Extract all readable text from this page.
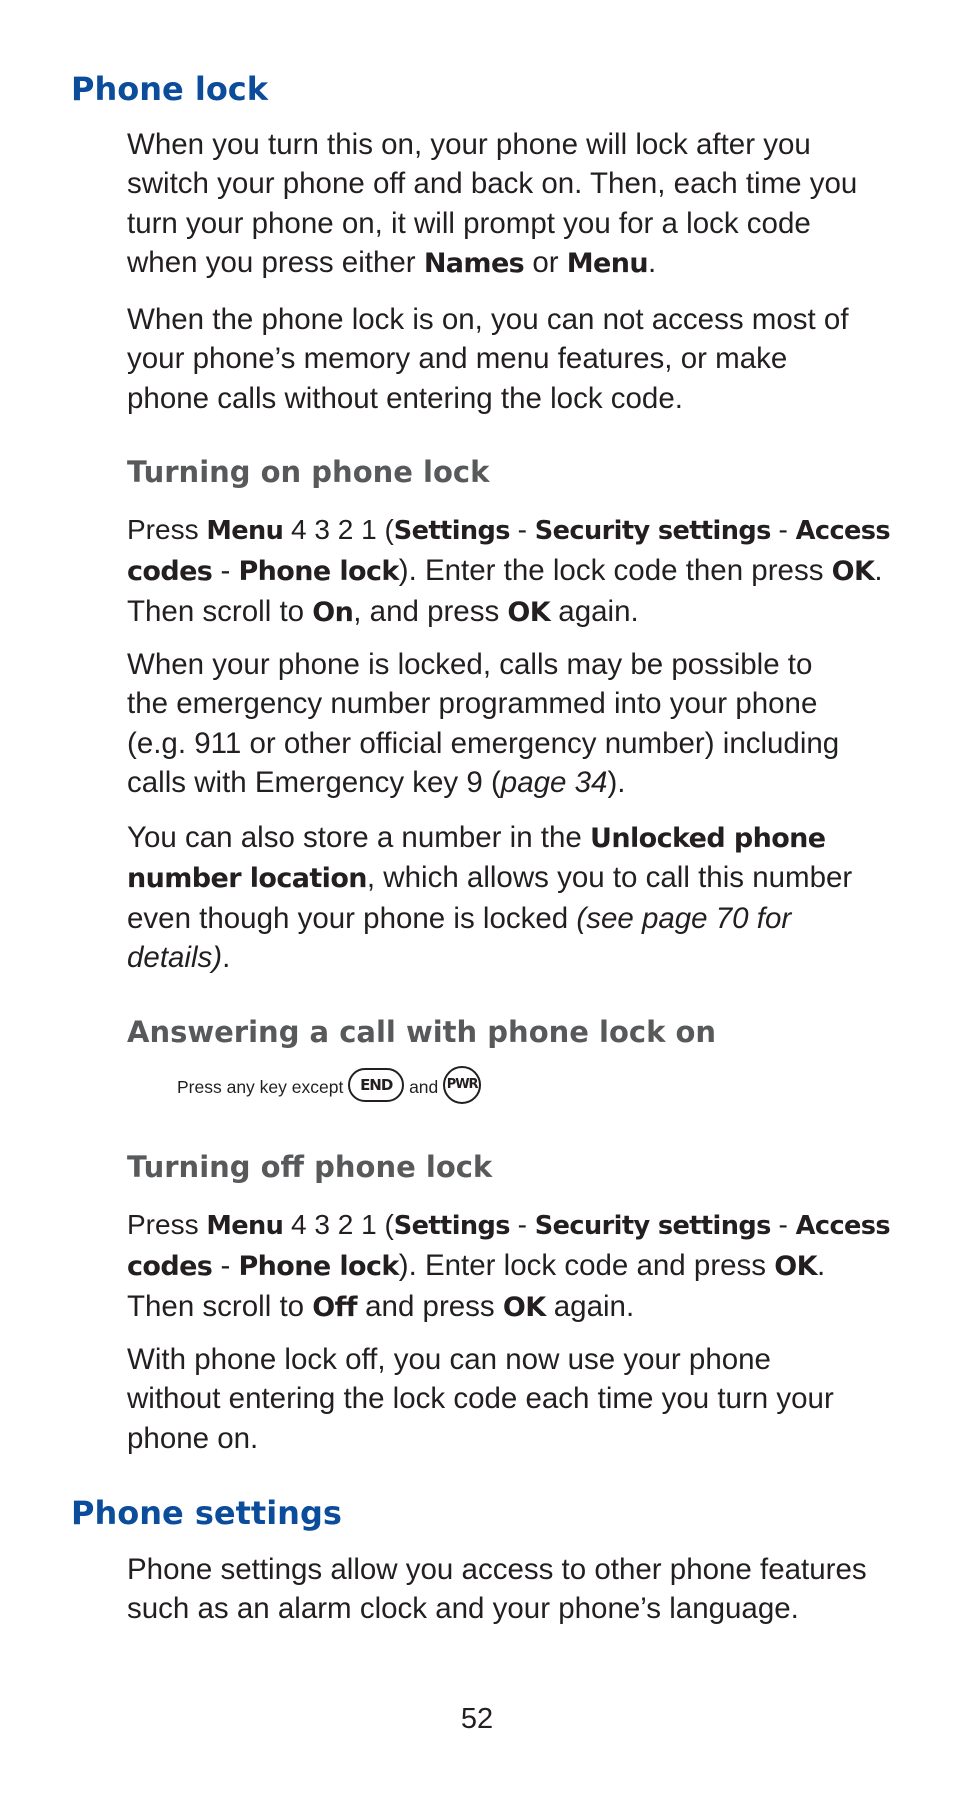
Phone lock

When you turn this on, your phone will lock after you
switch your phone off and back on. Then, each time you
turn your phone on, it will prompt you for a lock code
when you press either Names or Menu.

When the phone lock is on, you can not access most of
your phone’s memory and menu features, or make
phone calls without entering the lock code.

Turning on phone lock

Press Menu 4 3 2 1 (Settings - Security settings - Access
codes - Phone lock). Enter the lock code then press OK.
Then scroll to On, and press OK again.

When your phone is locked, calls may be possible to
the emergency number programmed into your phone
(e.g. 911 or other official emergency number) including
calls with Emergency key 9 (page 34).

You can also store a number in the Unlocked phone
number location, which allows you to call this number
even though your phone is locked (see page 70 for
details).

Answering a call with phone lock on

Press any key except END and PWR

Turning off phone lock

Press Menu 4 3 2 1 (Settings - Security settings - Access
codes - Phone lock). Enter lock code and press OK.
Then scroll to Off and press OK again.

With phone lock off, you can now use your phone
without entering the lock code each time you turn your
phone on.

Phone settings

Phone settings allow you access to other phone features
such as an alarm clock and your phone’s language.

52
